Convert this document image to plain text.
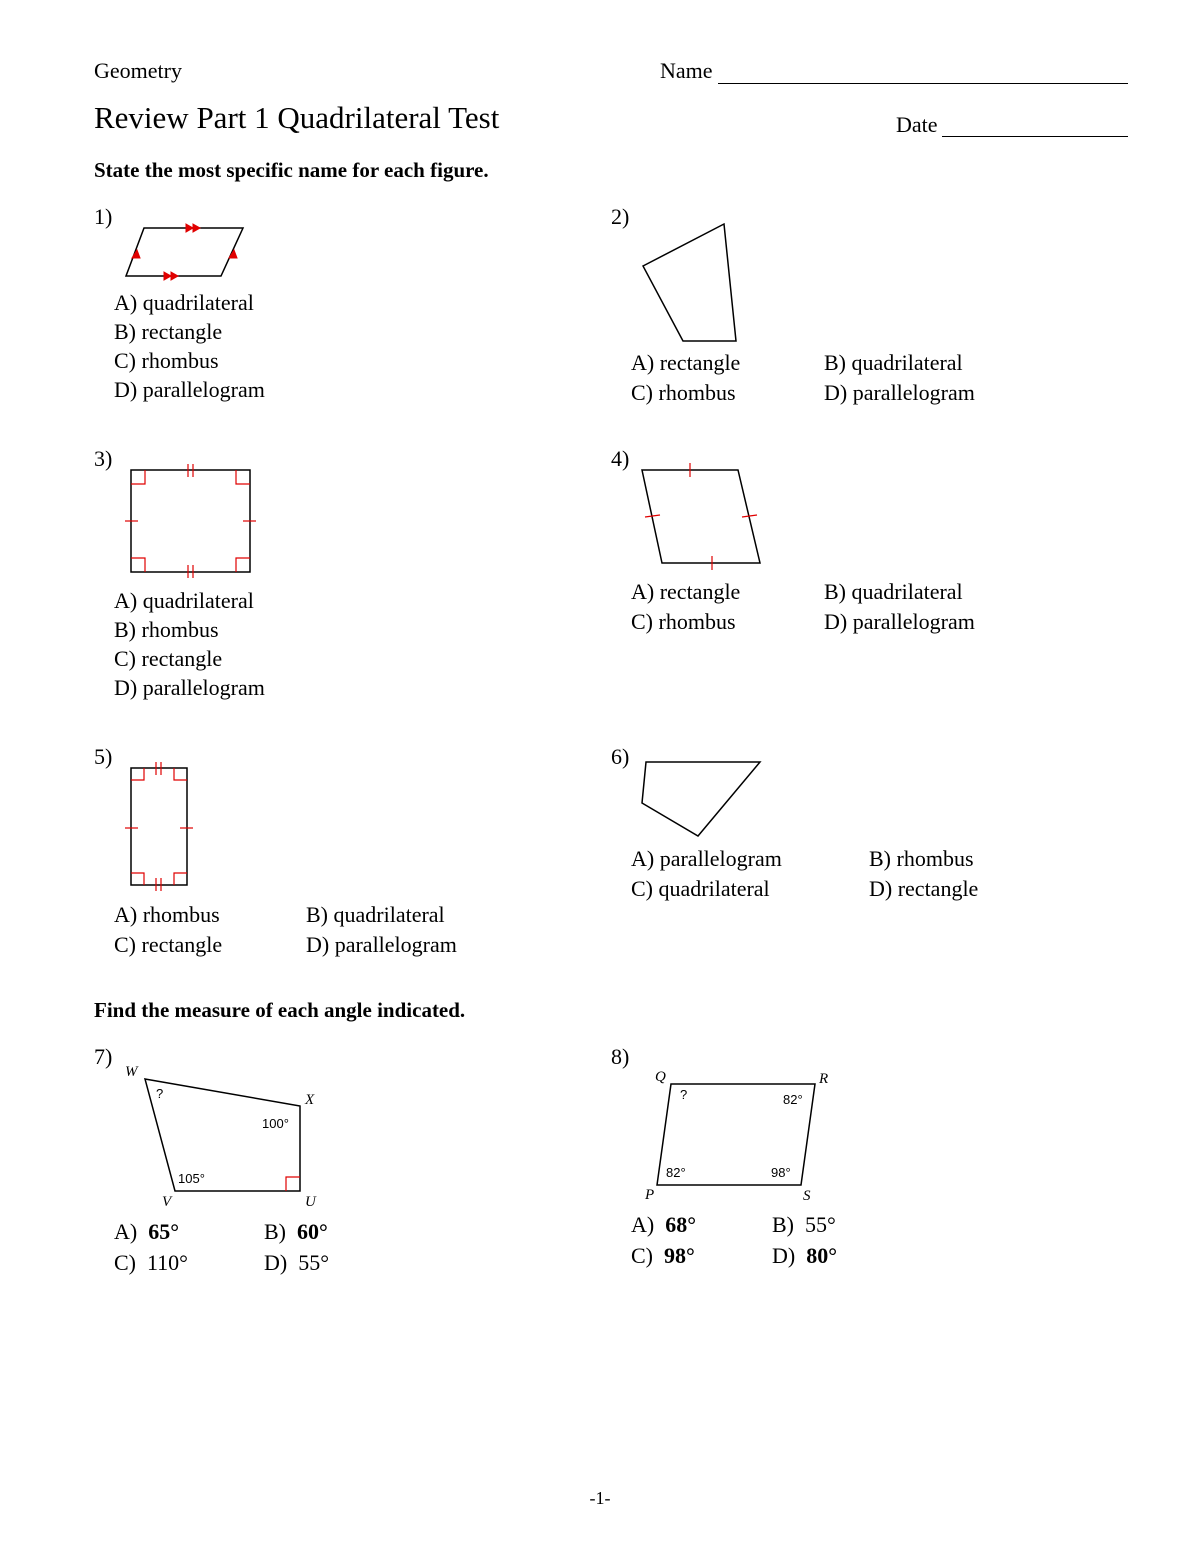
Geometry	Name
Review Part 1 Quadrilateral Test	Date
State the most specific name for each figure.
1)
A) quadrilateral
B) rectangle
C) rhombus
D) parallelogram
2)
A) rectangle	B) quadrilateral
C) rhombus	D) parallelogram
3)
A) quadrilateral
B) rhombus
C) rectangle
D) parallelogram
4)
A) rectangle	B) quadrilateral
C) rhombus	D) parallelogram
5)
A) rhombus	B) quadrilateral
C) rectangle	D) parallelogram
6)
A) parallelogram	B) rhombus
C) quadrilateral	D) rectangle
Find the measure of each angle indicated.
7)
W
X
U
V
?
100°
105°
A) 65°	B) 60°
C) 110°	D) 55°
8)
Q	R
P	S
?	82°
82°	98°
A) 68°	B) 55°
C) 98°	D) 80°
-1-
